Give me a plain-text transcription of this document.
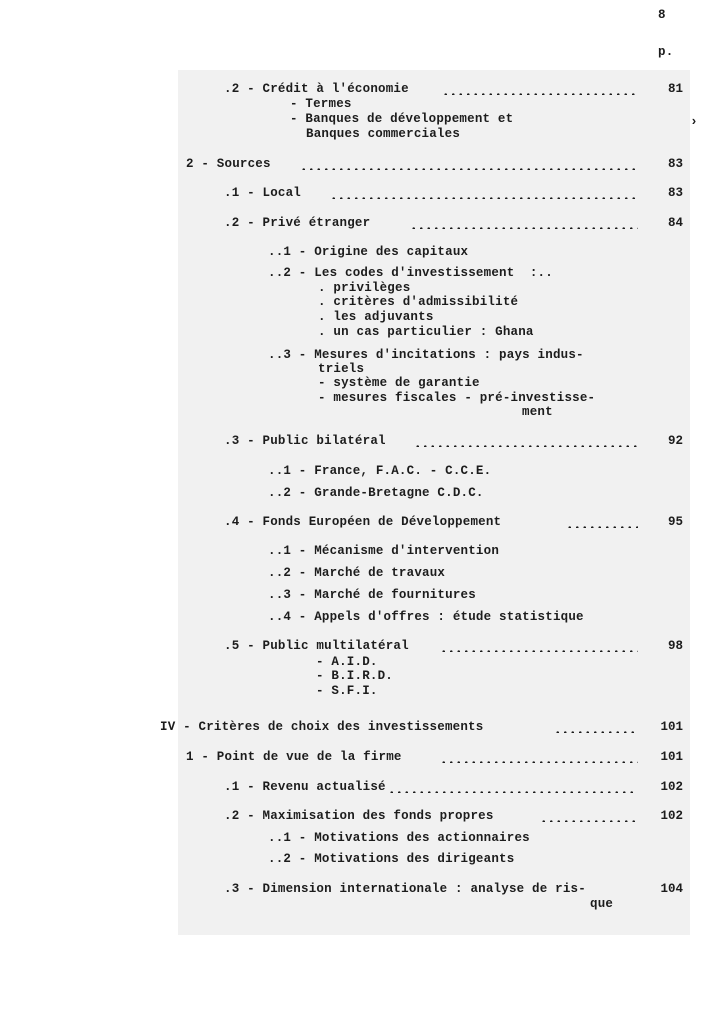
8
p.
.2 - Crédit à l'économie	81
- Termes
- Banques de développement et
Banques commerciales
›
2 - Sources	83
.1 - Local	83
.2 - Privé étranger	84
..1 - Origine des capitaux
..2 - Les codes d'investissement  :..
. privilèges
. critères d'admissibilité
. les adjuvants
. un cas particulier : Ghana
..3 - Mesures d'incitations : pays indus-
triels
- système de garantie
- mesures fiscales - pré-investisse-
ment
.3 - Public bilatéral	92
..1 - France, F.A.C. - C.C.E.
..2 - Grande-Bretagne C.D.C.
.4 - Fonds Européen de Développement	95
..1 - Mécanisme d'intervention
..2 - Marché de travaux
..3 - Marché de fournitures
..4 - Appels d'offres : étude statistique
.5 - Public multilatéral	98
- A.I.D.
- B.I.R.D.
- S.F.I.
IV - Critères de choix des investissements	101
1 - Point de vue de la firme	101
.1 - Revenu actualisé	102
.2 - Maximisation des fonds propres	102
..1 - Motivations des actionnaires
..2 - Motivations des dirigeants
.3 - Dimension internationale : analyse de ris-	104
que
